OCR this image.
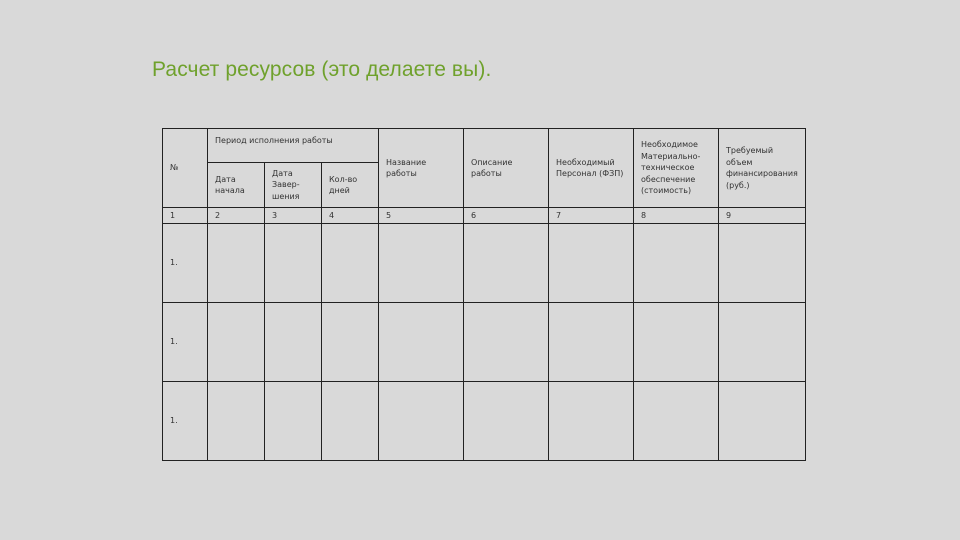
Расчет ресурсов (это делаете вы).
№	Период исполнения работы			Название работы	Описание работы	Необходимый Персонал (ФЗП)	Необходимое Материально- техническое обеспечение (стоимость)	Требуемый объем финансирования (руб.)
	Дата начала	Дата Завер- шения	Кол-во дней					
1	2	3	4	5	6	7	8	9
1.								
1.								
1.								
